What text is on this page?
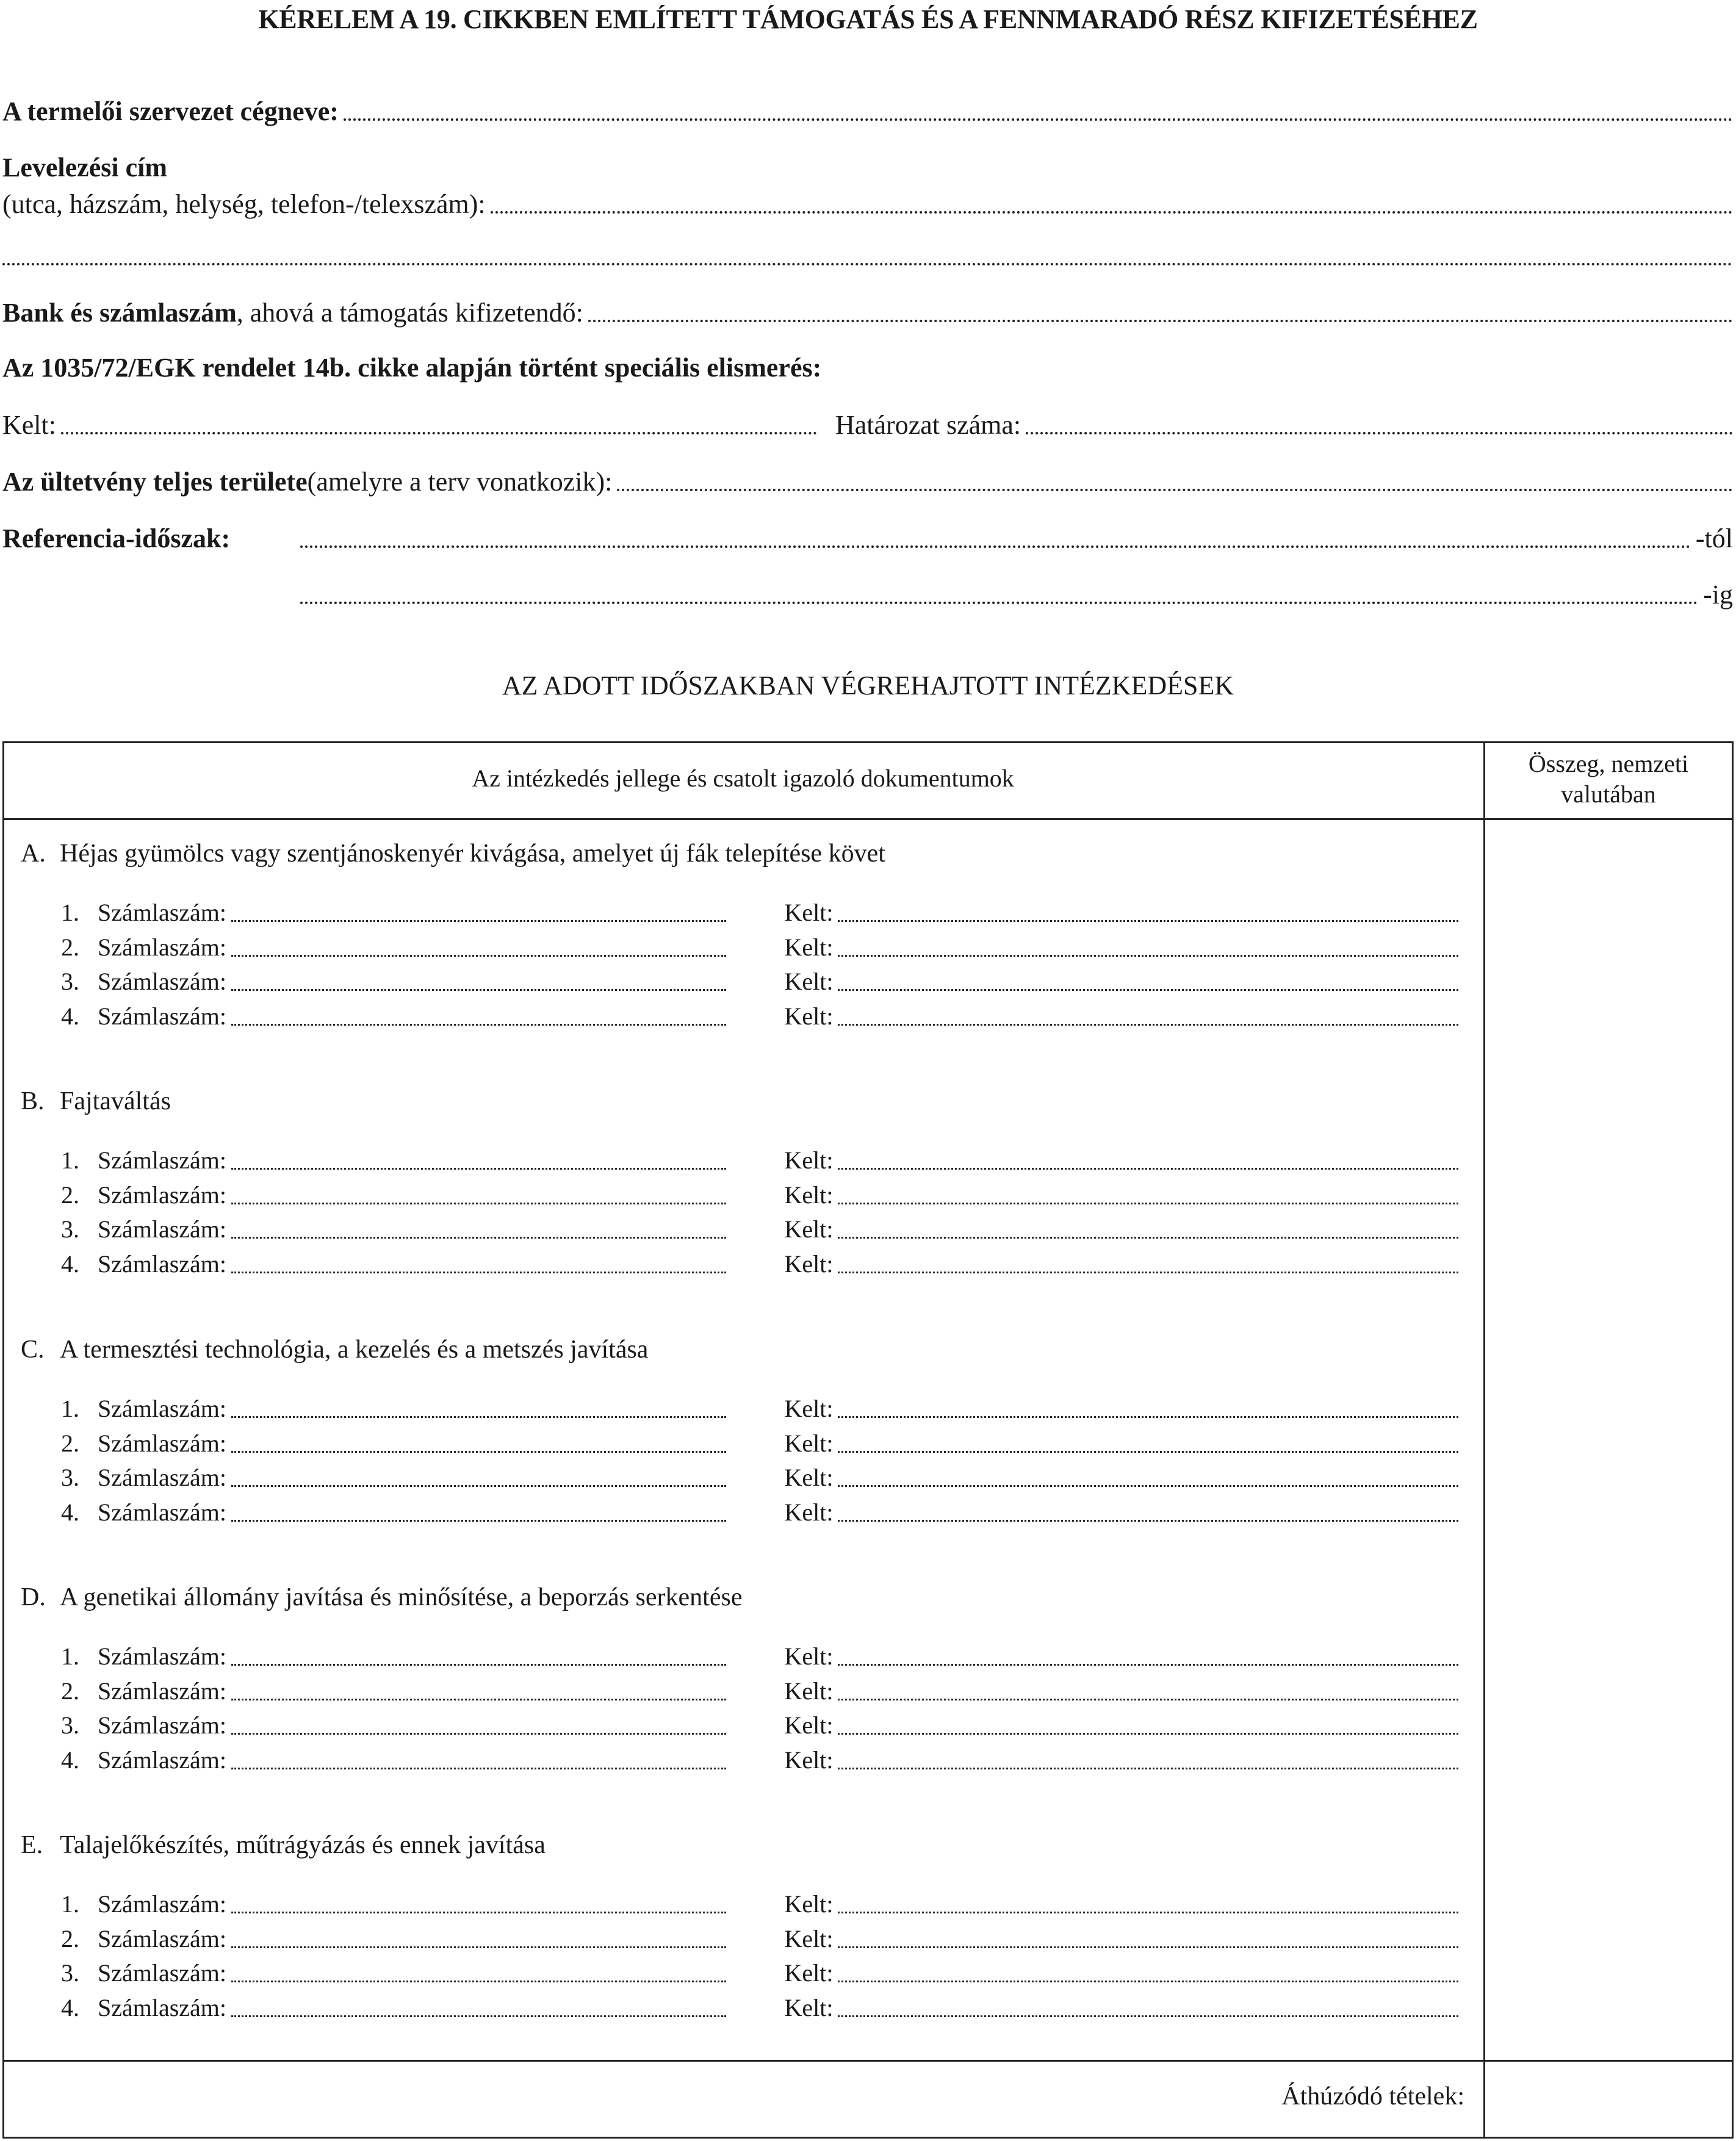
KÉRELEM A 19. CIKKBEN EMLÍTETT TÁMOGATÁS ÉS A FENNMARADÓ RÉSZ KIFIZETÉSÉHEZ
A termelői szervezet cégneve:
Levelezési cím
(utca, házszám, helység, telefon-/telexszám):
Bank és számlaszám , ahová a támogatás kifizetendő:
Az 1035/72/EGK rendelet 14b. cikke alapján történt speciális elismerés:
Kelt:	Határozat száma:
Az ültetvény teljes területe (amelyre a terv vonatkozik):
Referencia-időszak:	-tól
-ig
AZ ADOTT IDŐSZAKBAN VÉGREHAJTOTT INTÉZKEDÉSEK
Az intézkedés jellege és csatolt igazoló dokumentumok
Összeg, nemzeti
valutában
A. Héjas gyümölcs vagy szentjánoskenyér kivágása, amelyet új fák telepítése követ
1. Számlaszám:	Kelt:
2. Számlaszám:	Kelt:
3. Számlaszám:	Kelt:
4. Számlaszám:	Kelt:
B. Fajtaváltás
1. Számlaszám:	Kelt:
2. Számlaszám:	Kelt:
3. Számlaszám:	Kelt:
4. Számlaszám:	Kelt:
C. A termesztési technológia, a kezelés és a metszés javítása
1. Számlaszám:	Kelt:
2. Számlaszám:	Kelt:
3. Számlaszám:	Kelt:
4. Számlaszám:	Kelt:
D. A genetikai állomány javítása és minősítése, a beporzás serkentése
1. Számlaszám:	Kelt:
2. Számlaszám:	Kelt:
3. Számlaszám:	Kelt:
4. Számlaszám:	Kelt:
E. Talajelőkészítés, műtrágyázás és ennek javítása
1. Számlaszám:	Kelt:
2. Számlaszám:	Kelt:
3. Számlaszám:	Kelt:
4. Számlaszám:	Kelt:
Áthúzódó tételek:
